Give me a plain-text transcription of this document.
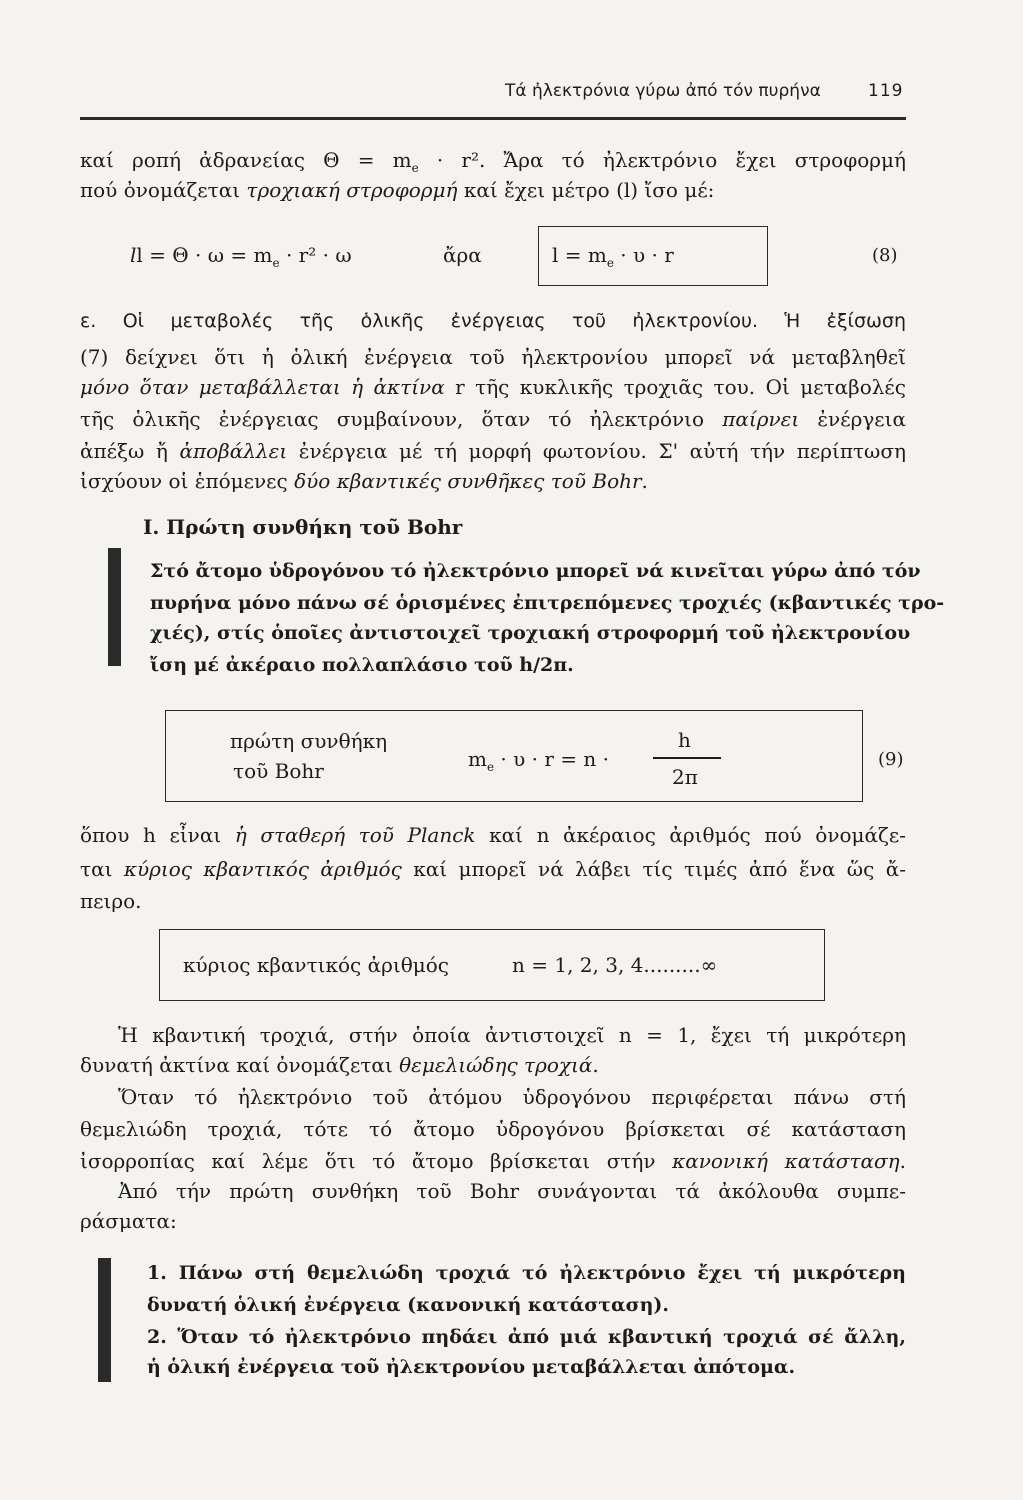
Τά ἠλεκτρόνια γύρω ἀπό τόν πυρήνα	119
καί ροπή ἀδρανείας $\Theta = m_e \cdot r^2$. Ἄρα τό ἠλεκτρόνιο ἔχει στροφορμή
πού ὀνομάζεται τροχιακή στροφορμή καί ἔχει μέτρο (l) ἴσο μέ:
ll = $\Theta \cdot \omega = m_e \cdot r^2 \cdot \omega$	ἄρα	$l = m_e \cdot \upsilon \cdot r$	(8)
ε. Οἱ μεταβολές τῆς ὁλικῆς ἐνέργειας τοῦ ἠλεκτρονίου. Ἡ ἐξίσωση
(7) δείχνει ὅτι ἡ ὁλική ἐνέργεια τοῦ ἠλεκτρονίου μπορεῖ νά μεταβληθεῖ
μόνο ὅταν μεταβάλλεται ἡ ἀκτίνα r τῆς κυκλικῆς τροχιᾶς του. Οἱ μεταβολές
τῆς ὁλικῆς ἐνέργειας συμβαίνουν, ὅταν τό ἠλεκτρόνιο παίρνει ἐνέργεια
ἀπέξω ἤ ἀποβάλλει ἐνέργεια μέ τή μορφή φωτονίου. Σ' αὐτή τήν περίπτωση
ἰσχύουν οἱ ἑπόμενες δύο κβαντικές συνθῆκες τοῦ Bohr.
Ι. Πρώτη συνθήκη τοῦ Bohr
Στό ἄτομο ὑδρογόνου τό ἠλεκτρόνιο μπορεῖ νά κινεῖται γύρω ἀπό τόν
πυρήνα μόνο πάνω σέ ὁρισμένες ἐπιτρεπόμενες τροχιές (κβαντικές τρο-
χιές), στίς ὁποῖες ἀντιστοιχεῖ τροχιακή στροφορμή τοῦ ἠλεκτρονίου
ἴση μέ ἀκέραιο πολλαπλάσιο τοῦ h/2π.
πρώτη συνθήκη
τοῦ Bohr	$m_e \cdot \upsilon \cdot r = n$ ·
h
2π
(9)
ὅπου h εἶναι ἡ σταθερή τοῦ Planck καί n ἀκέραιος ἀριθμός πού ὀνομάζε-
ται κύριος κβαντικός ἀριθμός καί μπορεῖ νά λάβει τίς τιμές ἀπό ἕνα ὥς ἄ-
πειρο.
κύριος κβαντικός ἀριθμός	n = 1, 2, 3, 4.........∞
Ἡ κβαντική τροχιά, στήν ὁποία ἀντιστοιχεῖ n = 1, ἔχει τή μικρότερη
δυνατή ἀκτίνα καί ὀνομάζεται θεμελιώδης τροχιά.
Ὅταν τό ἠλεκτρόνιο τοῦ ἀτόμου ὑδρογόνου περιφέρεται πάνω στή
θεμελιώδη τροχιά, τότε τό ἄτομο ὑδρογόνου βρίσκεται σέ κατάσταση
ἰσορροπίας καί λέμε ὅτι τό ἄτομο βρίσκεται στήν κανονική κατάσταση.
Ἀπό τήν πρώτη συνθήκη τοῦ Bohr συνάγονται τά ἀκόλουθα συμπε-
ράσματα:
1. Πάνω στή θεμελιώδη τροχιά τό ἠλεκτρόνιο ἔχει τή μικρότερη
δυνατή ὁλική ἐνέργεια (κανονική κατάσταση).
2. Ὅταν τό ἠλεκτρόνιο πηδάει ἀπό μιά κβαντική τροχιά σέ ἄλλη,
ἡ ὁλική ἐνέργεια τοῦ ἠλεκτρονίου μεταβάλλεται ἀπότομα.
